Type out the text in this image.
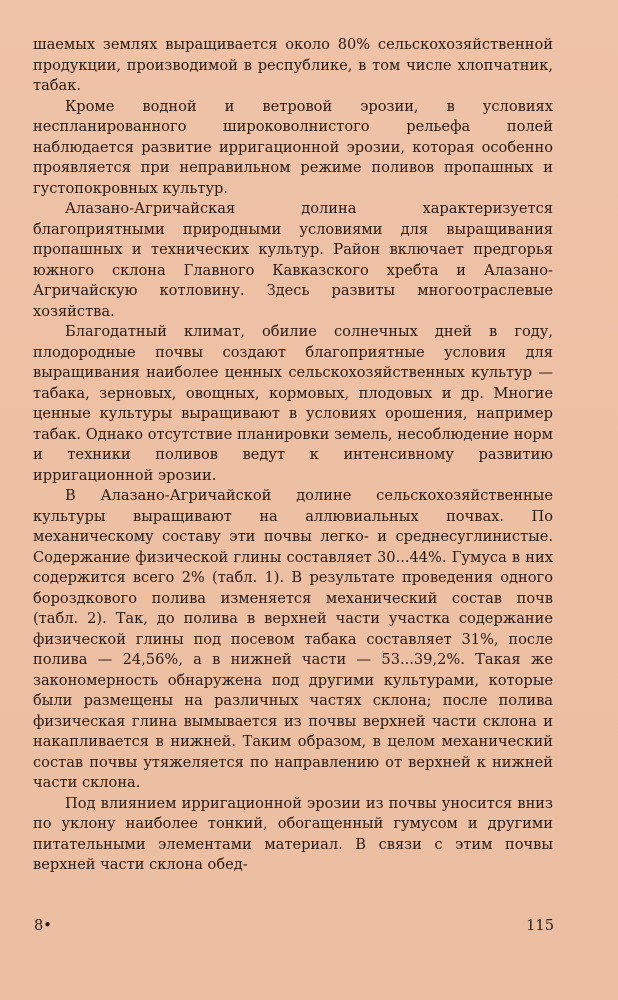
шаемых землях выращивается около 80% сельскохозяйственной продукции, производимой в республике, в том числе хлопчатник, табак.

Кроме водной и ветровой эрозии, в условиях неспланированного широковолнистого рельефа полей наблюдается развитие ирригационной эрозии, которая особенно проявляется при неправильном режиме поливов пропашных и густопокровных культур.

Алазано-Агричайская долина характеризуется благоприятными природными условиями для выращивания пропашных и технических культур. Район включает предгорья южного склона Главного Кавказского хребта и Алазано-Агричайскую котловину. Здесь развиты многоотраслевые хозяйства.

Благодатный климат, обилие солнечных дней в году, плодородные почвы создают благоприятные условия для выращивания наиболее ценных сельскохозяйственных культур — табака, зерновых, овощных, кормовых, плодовых и др. Многие ценные культуры выращивают в условиях орошения, например табак. Однако отсутствие планировки земель, несоблюдение норм и техники поливов ведут к интенсивному развитию ирригационной эрозии.

В Алазано-Агричайской долине сельскохозяйственные культуры выращивают на аллювиальных почвах. По механическому составу эти почвы легко- и среднесуглинистые. Содержание физической глины составляет 30...44%. Гумуса в них содержится всего 2% (табл. 1). В результате проведения одного бороздкового полива изменяется механический состав почв (табл. 2). Так, до полива в верхней части участка содержание физической глины под посевом табака составляет 31%, после полива — 24,56%, а в нижней части — 53...39,2%. Такая же закономерность обнаружена под другими культурами, которые были размещены на различных частях склона; после полива физическая глина вымывается из почвы верхней части склона и накапливается в нижней. Таким образом, в целом механический состав почвы утяжеляется по направлению от верхней к нижней части склона.

Под влиянием ирригационной эрозии из почвы уносится вниз по уклону наиболее тонкий, обогащенный гумусом и другими питательными элементами материал. В связи с этим почвы верхней части склона обед-

8•	115
